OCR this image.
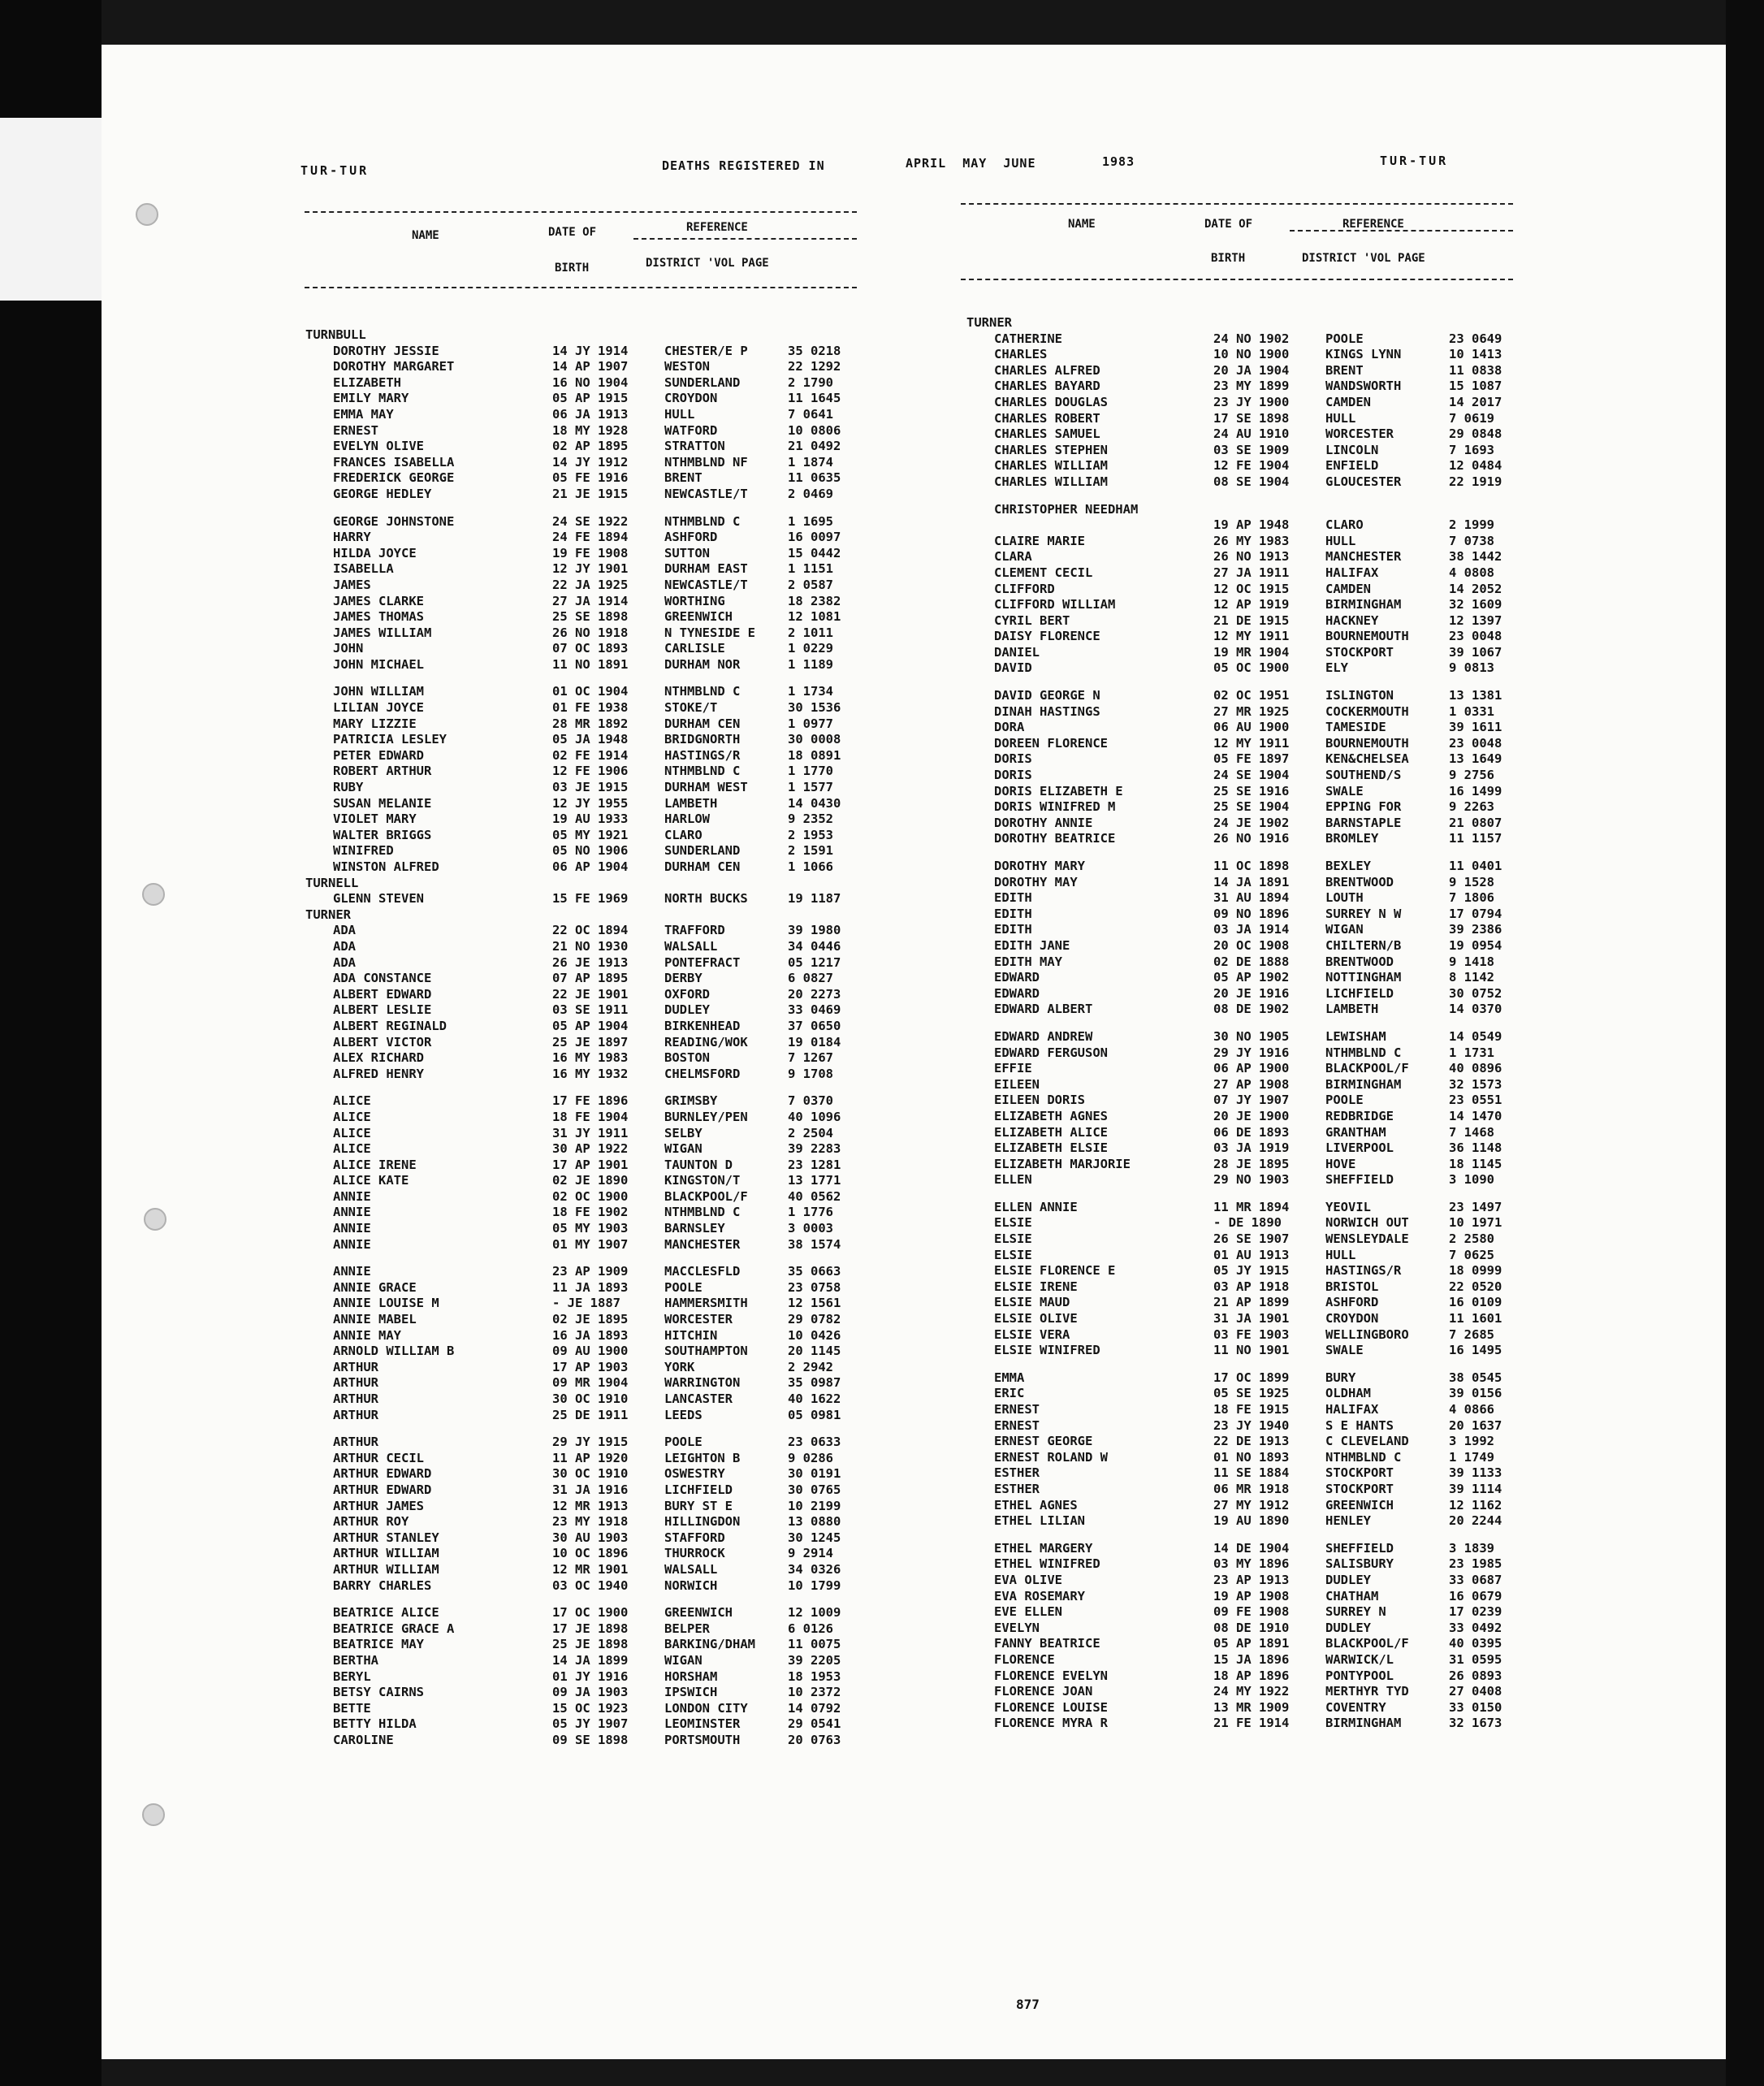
TUR-TUR	DEATHS REGISTERED IN	APRIL  MAY  JUNE	1983	TUR-TUR
NAME	DATE OF
BIRTH
REFERENCE
DISTRICT 'VOL PAGE
NAME	DATE OF
BIRTH
REFERENCE
DISTRICT 'VOL PAGE
TURNBULL
DOROTHY JESSIE	14 JY 1914	CHESTER/E P	35 0218
DOROTHY MARGARET	14 AP 1907	WESTON	22 1292
ELIZABETH	16 NO 1904	SUNDERLAND	2 1790
EMILY MARY	05 AP 1915	CROYDON	11 1645
EMMA MAY	06 JA 1913	HULL	7 0641
ERNEST	18 MY 1928	WATFORD	10 0806
EVELYN OLIVE	02 AP 1895	STRATTON	21 0492
FRANCES ISABELLA	14 JY 1912	NTHMBLND NF	1 1874
FREDERICK GEORGE	05 FE 1916	BRENT	11 0635
GEORGE HEDLEY	21 JE 1915	NEWCASTLE/T	2 0469
GEORGE JOHNSTONE	24 SE 1922	NTHMBLND C	1 1695
HARRY	24 FE 1894	ASHFORD	16 0097
HILDA JOYCE	19 FE 1908	SUTTON	15 0442
ISABELLA	12 JY 1901	DURHAM EAST	1 1151
JAMES	22 JA 1925	NEWCASTLE/T	2 0587
JAMES CLARKE	27 JA 1914	WORTHING	18 2382
JAMES THOMAS	25 SE 1898	GREENWICH	12 1081
JAMES WILLIAM	26 NO 1918	N TYNESIDE E	2 1011
JOHN	07 OC 1893	CARLISLE	1 0229
JOHN MICHAEL	11 NO 1891	DURHAM NOR	1 1189
JOHN WILLIAM	01 OC 1904	NTHMBLND C	1 1734
LILIAN JOYCE	01 FE 1938	STOKE/T	30 1536
MARY LIZZIE	28 MR 1892	DURHAM CEN	1 0977
PATRICIA LESLEY	05 JA 1948	BRIDGNORTH	30 0008
PETER EDWARD	02 FE 1914	HASTINGS/R	18 0891
ROBERT ARTHUR	12 FE 1906	NTHMBLND C	1 1770
RUBY	03 JE 1915	DURHAM WEST	1 1577
SUSAN MELANIE	12 JY 1955	LAMBETH	14 0430
VIOLET MARY	19 AU 1933	HARLOW	9 2352
WALTER BRIGGS	05 MY 1921	CLARO	2 1953
WINIFRED	05 NO 1906	SUNDERLAND	2 1591
WINSTON ALFRED	06 AP 1904	DURHAM CEN	1 1066
TURNELL
GLENN STEVEN	15 FE 1969	NORTH BUCKS	19 1187
TURNER
ADA	22 OC 1894	TRAFFORD	39 1980
ADA	21 NO 1930	WALSALL	34 0446
ADA	26 JE 1913	PONTEFRACT	05 1217
ADA CONSTANCE	07 AP 1895	DERBY	6 0827
ALBERT EDWARD	22 JE 1901	OXFORD	20 2273
ALBERT LESLIE	03 SE 1911	DUDLEY	33 0469
ALBERT REGINALD	05 AP 1904	BIRKENHEAD	37 0650
ALBERT VICTOR	25 JE 1897	READING/WOK	19 0184
ALEX RICHARD	16 MY 1983	BOSTON	7 1267
ALFRED HENRY	16 MY 1932	CHELMSFORD	9 1708
ALICE	17 FE 1896	GRIMSBY	7 0370
ALICE	18 FE 1904	BURNLEY/PEN	40 1096
ALICE	31 JY 1911	SELBY	2 2504
ALICE	30 AP 1922	WIGAN	39 2283
ALICE IRENE	17 AP 1901	TAUNTON D	23 1281
ALICE KATE	02 JE 1890	KINGSTON/T	13 1771
ANNIE	02 OC 1900	BLACKPOOL/F	40 0562
ANNIE	18 FE 1902	NTHMBLND C	1 1776
ANNIE	05 MY 1903	BARNSLEY	3 0003
ANNIE	01 MY 1907	MANCHESTER	38 1574
ANNIE	23 AP 1909	MACCLESFLD	35 0663
ANNIE GRACE	11 JA 1893	POOLE	23 0758
ANNIE LOUISE M	- JE 1887	HAMMERSMITH	12 1561
ANNIE MABEL	02 JE 1895	WORCESTER	29 0782
ANNIE MAY	16 JA 1893	HITCHIN	10 0426
ARNOLD WILLIAM B	09 AU 1900	SOUTHAMPTON	20 1145
ARTHUR	17 AP 1903	YORK	2 2942
ARTHUR	09 MR 1904	WARRINGTON	35 0987
ARTHUR	30 OC 1910	LANCASTER	40 1622
ARTHUR	25 DE 1911	LEEDS	05 0981
ARTHUR	29 JY 1915	POOLE	23 0633
ARTHUR CECIL	11 AP 1920	LEIGHTON B	9 0286
ARTHUR EDWARD	30 OC 1910	OSWESTRY	30 0191
ARTHUR EDWARD	31 JA 1916	LICHFIELD	30 0765
ARTHUR JAMES	12 MR 1913	BURY ST E	10 2199
ARTHUR ROY	23 MY 1918	HILLINGDON	13 0880
ARTHUR STANLEY	30 AU 1903	STAFFORD	30 1245
ARTHUR WILLIAM	10 OC 1896	THURROCK	9 2914
ARTHUR WILLIAM	12 MR 1901	WALSALL	34 0326
BARRY CHARLES	03 OC 1940	NORWICH	10 1799
BEATRICE ALICE	17 OC 1900	GREENWICH	12 1009
BEATRICE GRACE A	17 JE 1898	BELPER	6 0126
BEATRICE MAY	25 JE 1898	BARKING/DHAM	11 0075
BERTHA	14 JA 1899	WIGAN	39 2205
BERYL	01 JY 1916	HORSHAM	18 1953
BETSY CAIRNS	09 JA 1903	IPSWICH	10 2372
BETTE	15 OC 1923	LONDON CITY	14 0792
BETTY HILDA	05 JY 1907	LEOMINSTER	29 0541
CAROLINE	09 SE 1898	PORTSMOUTH	20 0763
TURNER
CATHERINE	24 NO 1902	POOLE	23 0649
CHARLES	10 NO 1900	KINGS LYNN	10 1413
CHARLES ALFRED	20 JA 1904	BRENT	11 0838
CHARLES BAYARD	23 MY 1899	WANDSWORTH	15 1087
CHARLES DOUGLAS	23 JY 1900	CAMDEN	14 2017
CHARLES ROBERT	17 SE 1898	HULL	7 0619
CHARLES SAMUEL	24 AU 1910	WORCESTER	29 0848
CHARLES STEPHEN	03 SE 1909	LINCOLN	7 1693
CHARLES WILLIAM	12 FE 1904	ENFIELD	12 0484
CHARLES WILLIAM	08 SE 1904	GLOUCESTER	22 1919
CHRISTOPHER NEEDHAM
19 AP 1948	CLARO	2 1999
CLAIRE MARIE	26 MY 1983	HULL	7 0738
CLARA	26 NO 1913	MANCHESTER	38 1442
CLEMENT CECIL	27 JA 1911	HALIFAX	4 0808
CLIFFORD	12 OC 1915	CAMDEN	14 2052
CLIFFORD WILLIAM	12 AP 1919	BIRMINGHAM	32 1609
CYRIL BERT	21 DE 1915	HACKNEY	12 1397
DAISY FLORENCE	12 MY 1911	BOURNEMOUTH	23 0048
DANIEL	19 MR 1904	STOCKPORT	39 1067
DAVID	05 OC 1900	ELY	9 0813
DAVID GEORGE N	02 OC 1951	ISLINGTON	13 1381
DINAH HASTINGS	27 MR 1925	COCKERMOUTH	1 0331
DORA	06 AU 1900	TAMESIDE	39 1611
DOREEN FLORENCE	12 MY 1911	BOURNEMOUTH	23 0048
DORIS	05 FE 1897	KEN&CHELSEA	13 1649
DORIS	24 SE 1904	SOUTHEND/S	9 2756
DORIS ELIZABETH E	25 SE 1916	SWALE	16 1499
DORIS WINIFRED M	25 SE 1904	EPPING FOR	9 2263
DOROTHY ANNIE	24 JE 1902	BARNSTAPLE	21 0807
DOROTHY BEATRICE	26 NO 1916	BROMLEY	11 1157
DOROTHY MARY	11 OC 1898	BEXLEY	11 0401
DOROTHY MAY	14 JA 1891	BRENTWOOD	9 1528
EDITH	31 AU 1894	LOUTH	7 1806
EDITH	09 NO 1896	SURREY N W	17 0794
EDITH	03 JA 1914	WIGAN	39 2386
EDITH JANE	20 OC 1908	CHILTERN/B	19 0954
EDITH MAY	02 DE 1888	BRENTWOOD	9 1418
EDWARD	05 AP 1902	NOTTINGHAM	8 1142
EDWARD	20 JE 1916	LICHFIELD	30 0752
EDWARD ALBERT	08 DE 1902	LAMBETH	14 0370
EDWARD ANDREW	30 NO 1905	LEWISHAM	14 0549
EDWARD FERGUSON	29 JY 1916	NTHMBLND C	1 1731
EFFIE	06 AP 1900	BLACKPOOL/F	40 0896
EILEEN	27 AP 1908	BIRMINGHAM	32 1573
EILEEN DORIS	07 JY 1907	POOLE	23 0551
ELIZABETH AGNES	20 JE 1900	REDBRIDGE	14 1470
ELIZABETH ALICE	06 DE 1893	GRANTHAM	7 1468
ELIZABETH ELSIE	03 JA 1919	LIVERPOOL	36 1148
ELIZABETH MARJORIE	28 JE 1895	HOVE	18 1145
ELLEN	29 NO 1903	SHEFFIELD	3 1090
ELLEN ANNIE	11 MR 1894	YEOVIL	23 1497
ELSIE	- DE 1890	NORWICH OUT	10 1971
ELSIE	26 SE 1907	WENSLEYDALE	2 2580
ELSIE	01 AU 1913	HULL	7 0625
ELSIE FLORENCE E	05 JY 1915	HASTINGS/R	18 0999
ELSIE IRENE	03 AP 1918	BRISTOL	22 0520
ELSIE MAUD	21 AP 1899	ASHFORD	16 0109
ELSIE OLIVE	31 JA 1901	CROYDON	11 1601
ELSIE VERA	03 FE 1903	WELLINGBORO	7 2685
ELSIE WINIFRED	11 NO 1901	SWALE	16 1495
EMMA	17 OC 1899	BURY	38 0545
ERIC	05 SE 1925	OLDHAM	39 0156
ERNEST	18 FE 1915	HALIFAX	4 0866
ERNEST	23 JY 1940	S E HANTS	20 1637
ERNEST GEORGE	22 DE 1913	C CLEVELAND	3 1992
ERNEST ROLAND W	01 NO 1893	NTHMBLND C	1 1749
ESTHER	11 SE 1884	STOCKPORT	39 1133
ESTHER	06 MR 1918	STOCKPORT	39 1114
ETHEL AGNES	27 MY 1912	GREENWICH	12 1162
ETHEL LILIAN	19 AU 1890	HENLEY	20 2244
ETHEL MARGERY	14 DE 1904	SHEFFIELD	3 1839
ETHEL WINIFRED	03 MY 1896	SALISBURY	23 1985
EVA OLIVE	23 AP 1913	DUDLEY	33 0687
EVA ROSEMARY	19 AP 1908	CHATHAM	16 0679
EVE ELLEN	09 FE 1908	SURREY N	17 0239
EVELYN	08 DE 1910	DUDLEY	33 0492
FANNY BEATRICE	05 AP 1891	BLACKPOOL/F	40 0395
FLORENCE	15 JA 1896	WARWICK/L	31 0595
FLORENCE EVELYN	18 AP 1896	PONTYPOOL	26 0893
FLORENCE JOAN	24 MY 1922	MERTHYR TYD	27 0408
FLORENCE LOUISE	13 MR 1909	COVENTRY	33 0150
FLORENCE MYRA R	21 FE 1914	BIRMINGHAM	32 1673
877
